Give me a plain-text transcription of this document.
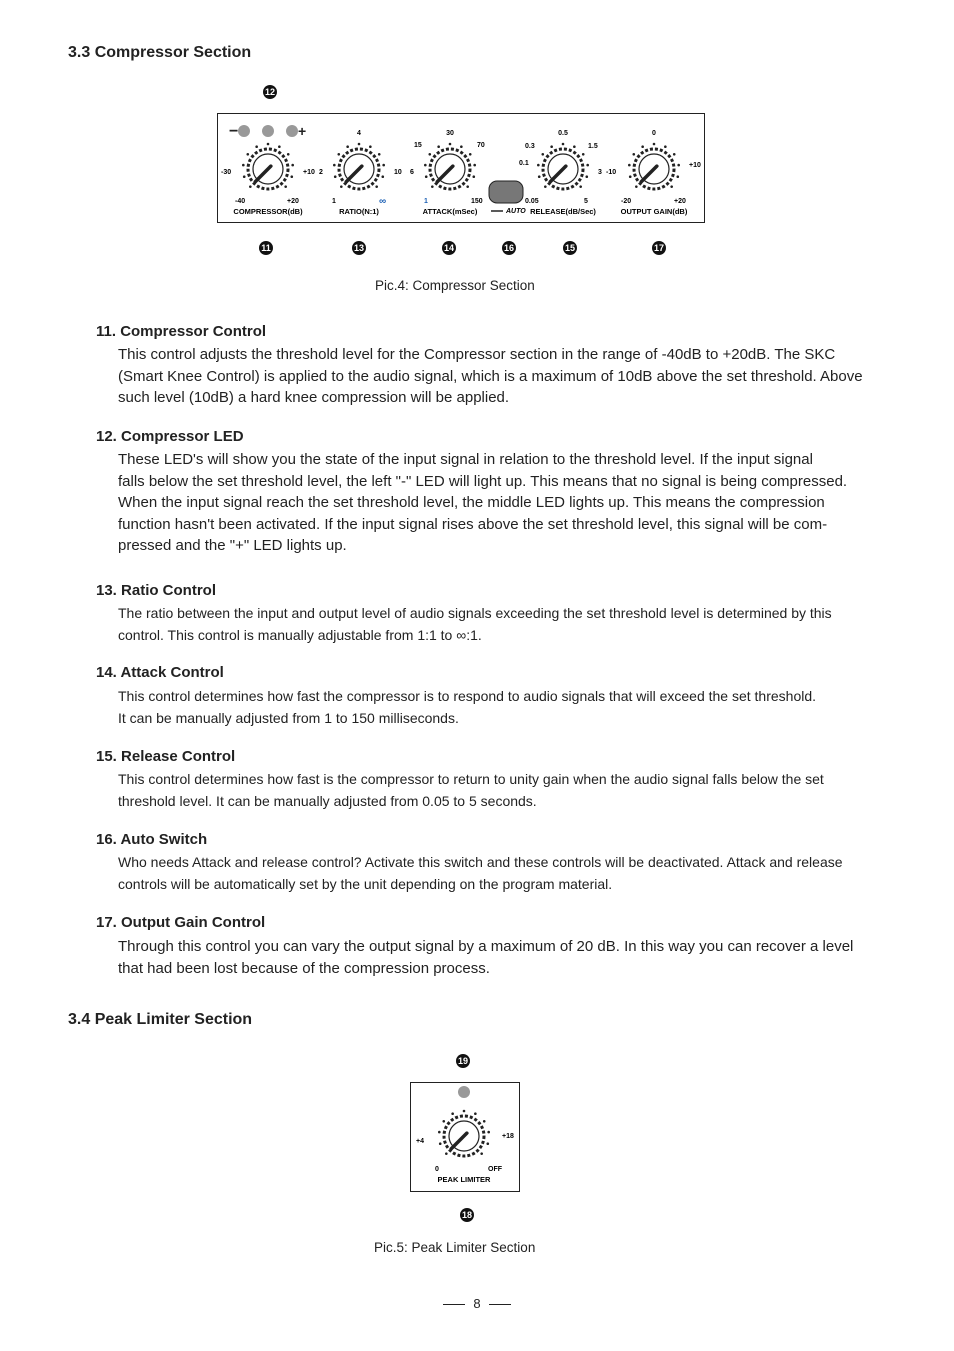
3.3 Compressor Section
12
−	+
-30	+10
-40	+20
COMPRESSOR(dB)
4
2	10
1	∞
RATIO(N:1)
30
15	70
6
1	150
ATTACK(mSec)	AUTO
0.5
0.3	1.5
0.1
3
0.05	5
RELEASE(dB/Sec)
0
-10
+10
-20	+20
OUTPUT GAIN(dB)
11	13	14	16	15	17
Pic.4: Compressor Section
11. Compressor Control
This control adjusts the threshold level for the Compressor section in the range of -40dB to +20dB. The SKC
(Smart Knee Control) is applied to the audio signal, which is a maximum of 10dB above the set threshold. Above
such level (10dB) a hard knee compression will be applied.
12. Compressor LED
These LED's will show you the state of the input signal in relation to the threshold level. If the input signal
falls below the set threshold level, the left "-" LED will light up. This means that no signal is being compressed.
When the input signal reach the set threshold level, the middle LED lights up. This means the compression
function hasn't been activated. If the input signal rises above the set threshold level, this signal will be com-
pressed and the "+" LED lights up.
13. Ratio Control
The ratio between the input and output level of audio signals exceeding the set threshold level is determined by this
control. This control is manually adjustable from 1:1 to ∞:1.
14. Attack Control
This control determines how fast the compressor is to respond to audio signals that will exceed the set threshold.
It can be manually adjusted from 1 to 150 milliseconds.
15. Release Control
This control determines how fast is the compressor to return to unity gain when the audio signal falls below the set
threshold level. It can be manually adjusted from 0.05 to 5 seconds.
16. Auto Switch
Who needs Attack and release control? Activate this switch and these controls will be deactivated. Attack and release
controls will be automatically set by the unit depending on the program material.
17. Output Gain Control
Through this control you can vary the output signal by a maximum of 20 dB. In this way you can recover a level
that had been lost because of the compression process.
3.4 Peak Limiter Section
19
+4
+18
0	OFF
PEAK LIMITER
18
Pic.5: Peak Limiter Section
8
